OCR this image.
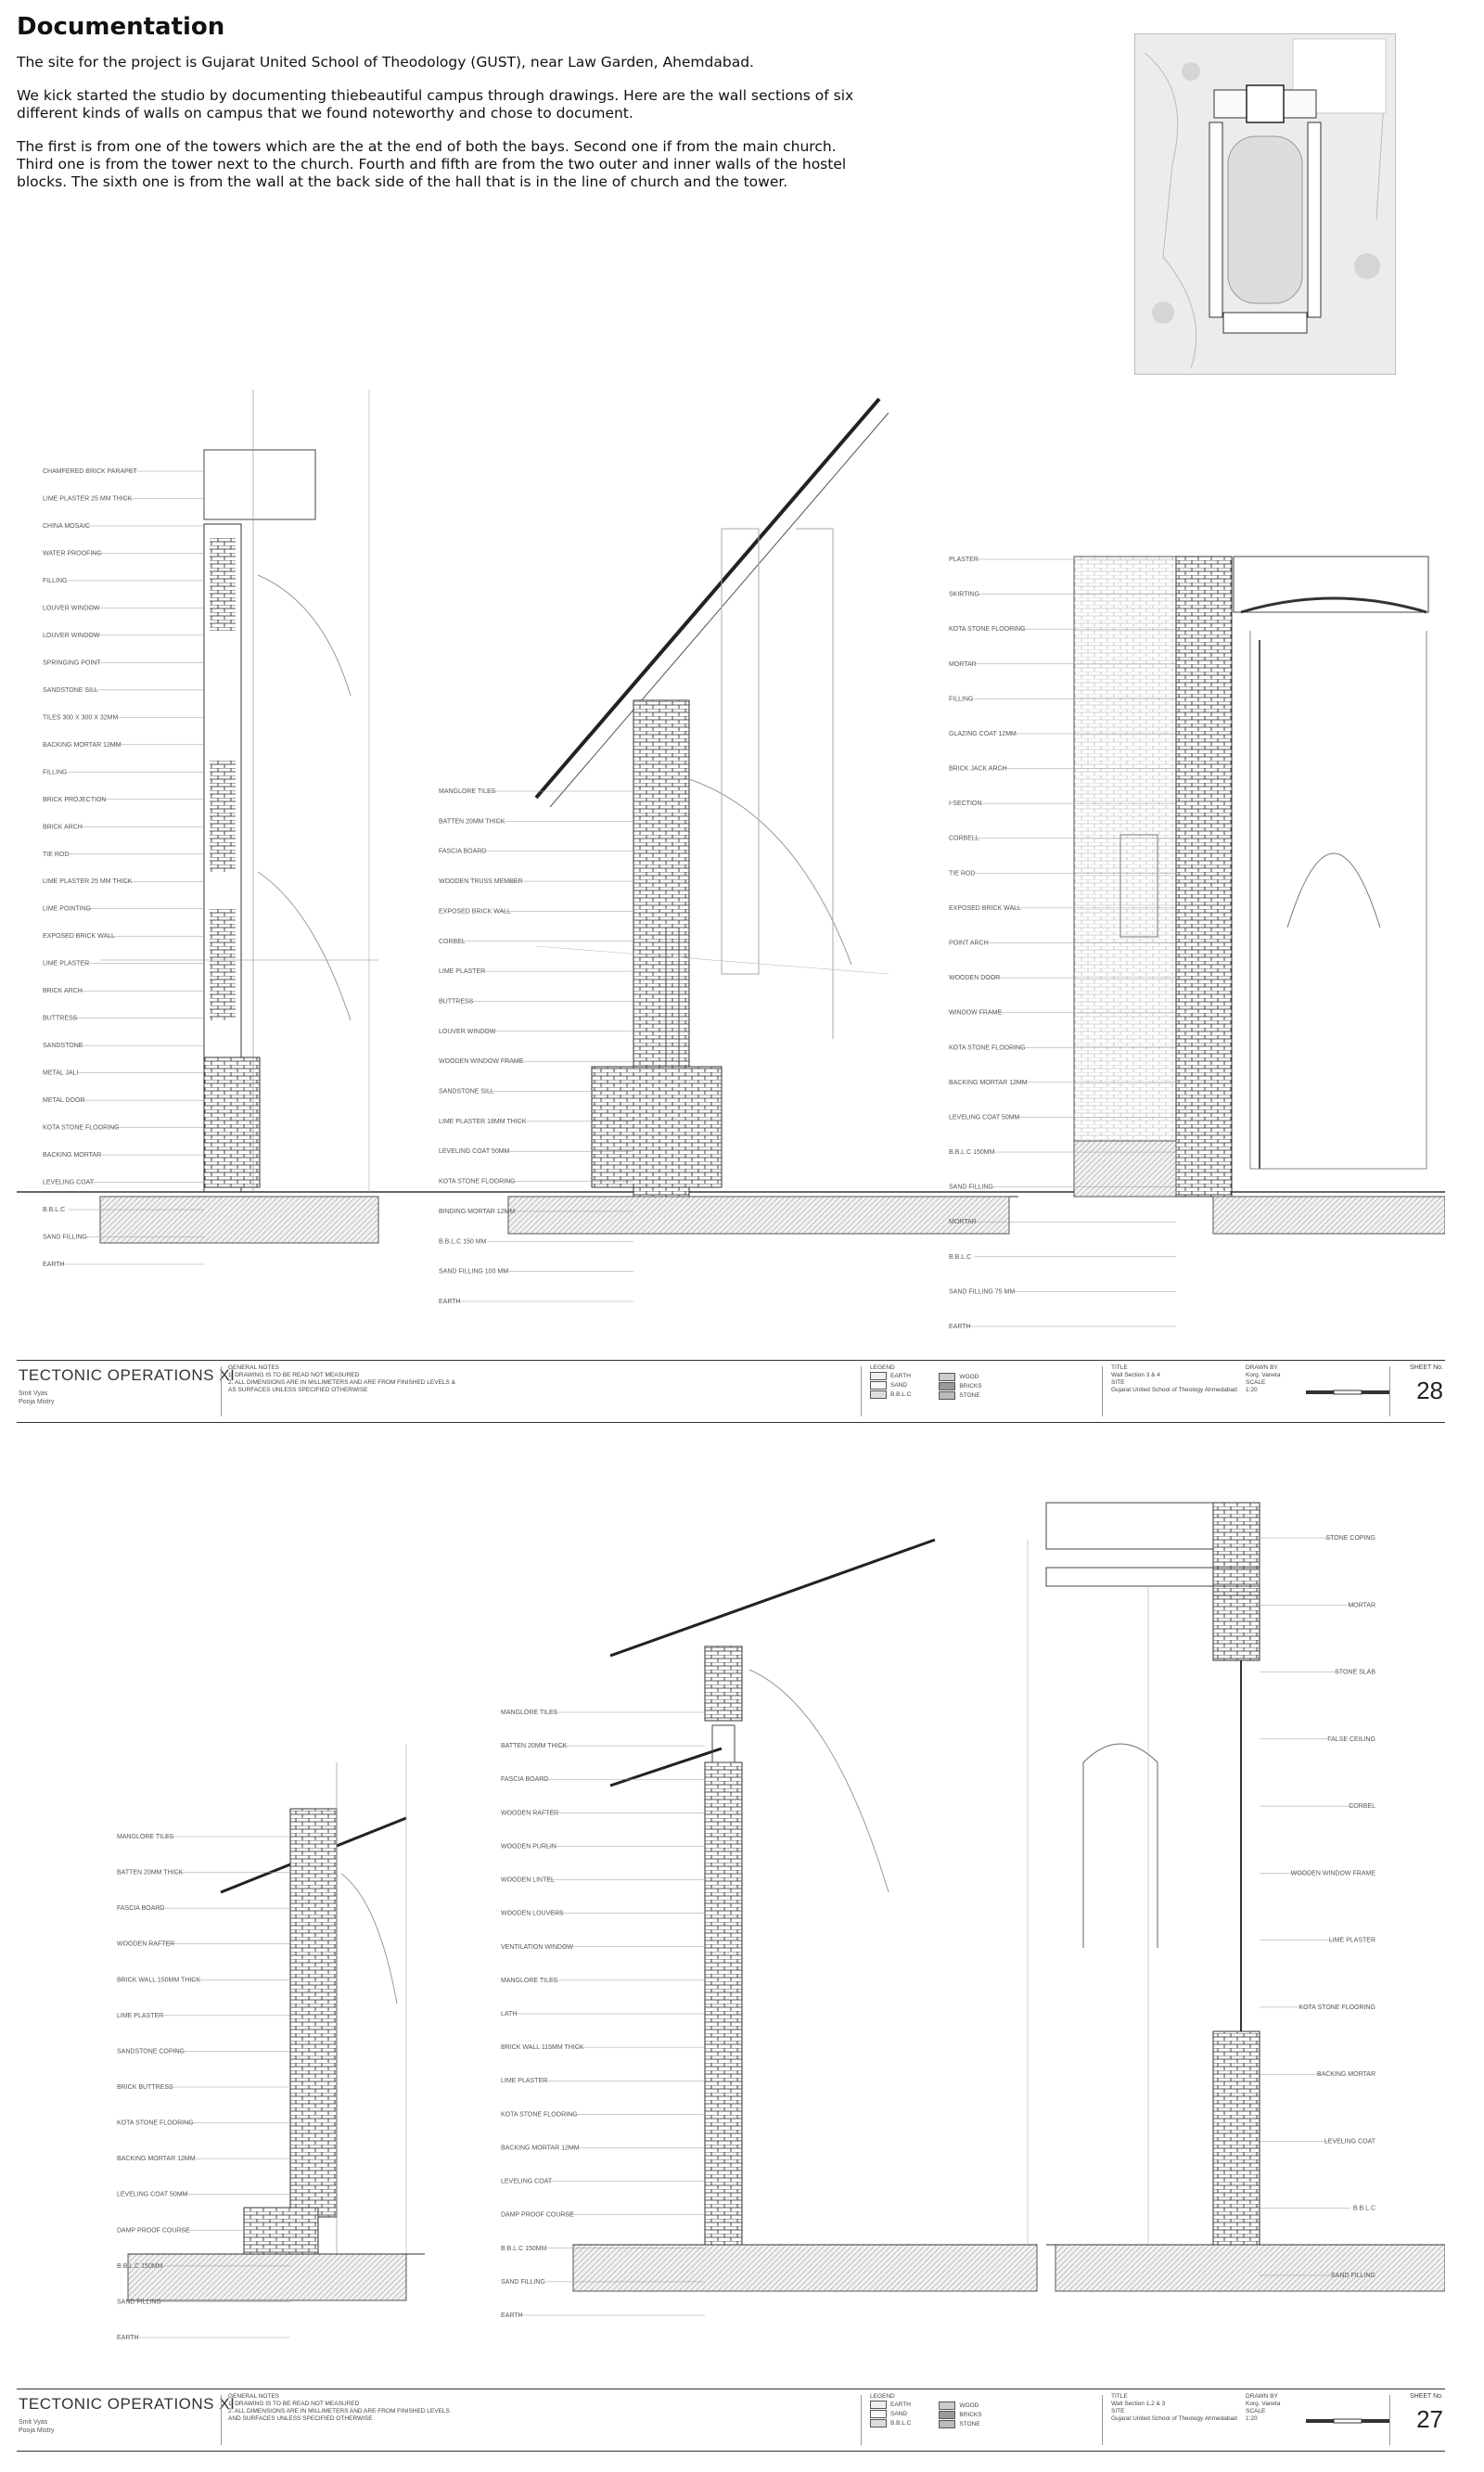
Documentation

The site for the project is Gujarat United School of Theodology (GUST), near Law Garden, Ahemdabad.

We kick started the studio by documenting thiebeautiful campus through drawings. Here are the wall sections of six different kinds of walls on campus that we found noteworthy and chose to document.

The first is from one of the towers which are the at the end of both the bays. Second one if from the main church. Third one is from the tower next to the church. Fourth and fifth are from the two outer and inner walls of the hostel blocks. The sixth one is from the wall at the back side of the hall that is in the line of church and the tower.

CHAMFERED BRICK PARAPET
LIME PLASTER 25 MM THICK
CHINA MOSAIC
WATER PROOFING
FILLING
LOUVER WINDOW
LOUVER WINDOW
SPRINGING POINT
SANDSTONE SILL
TILES 300 X 300 X 32MM
BACKING MORTAR 12MM
FILLING
BRICK PROJECTION
BRICK ARCH
TIE ROD
LIME PLASTER 25 MM THICK
LIME POINTING
EXPOSED BRICK WALL
LIME PLASTER
BRICK ARCH
BUTTRESS
SANDSTONE
METAL JALI
METAL DOOR
KOTA STONE FLOORING
BACKING MORTAR
LEVELING COAT
B.B.L.C
SAND FILLING
EARTH
MANGLORE TILES
BATTEN 20MM THICK
FASCIA BOARD
WOODEN TRUSS MEMBER
EXPOSED BRICK WALL
CORBEL
LIME PLASTER
BUTTRESS
LOUVER WINDOW
WOODEN WINDOW FRAME
SANDSTONE SILL
LIME PLASTER 18MM THICK
LEVELING COAT 50MM
KOTA STONE FLOORING
BINDING MORTAR 12MM
B.B.L.C 150 MM
SAND FILLING 100 MM
EARTH
PLASTER
SKIRTING
KOTA STONE FLOORING
MORTAR
FILLING
GLAZING COAT 12MM
BRICK JACK ARCH
I-SECTION
CORBELL
TIE ROD
EXPOSED BRICK WALL
POINT ARCH
WOODEN DOOR
WINDOW FRAME
KOTA STONE FLOORING
BACKING MORTAR 12MM
LEVELING COAT 50MM
B.B.L.C 150MM
SAND FILLING
MORTAR
B.B.L.C
SAND FILLING 75 MM
EARTH
TECTONIC OPERATIONS XI
Smit Vyas
Pooja Mistry
GENERAL NOTES
1. DRAWING IS TO BE READ NOT MEASURED
2. ALL DIMENSIONS ARE IN MILLIMETERS AND ARE FROM FINISHED LEVELS & AS SURFACES UNLESS SPECIFIED OTHERWISE
LEGEND
EARTH
SAND
B.B.L.C
WOOD
BRICKS
STONE
TITLE
Wall Section 3 & 4
SITE
Gujarat United School of Theology Ahmedabad
DRAWN BY
Korg. Vaneta
SCALE
1:20
SHEET No.
28
MANGLORE TILES
BATTEN 20MM THICK
FASCIA BOARD
WOODEN RAFTER
BRICK WALL 150MM THICK
LIME PLASTER
SANDSTONE COPING
BRICK BUTTRESS
KOTA STONE FLOORING
BACKING MORTAR 12MM
LEVELING COAT 50MM
DAMP PROOF COURSE
B.B.L.C 150MM
SAND FILLING
EARTH
MANGLORE TILES
BATTEN 20MM THICK
FASCIA BOARD
WOODEN RAFTER
WOODEN PURLIN
WOODEN LINTEL
WOODEN LOUVERS
VENTILATION WINDOW
MANGLORE TILES
LATH
BRICK WALL 115MM THICK
LIME PLASTER
KOTA STONE FLOORING
BACKING MORTAR 12MM
LEVELING COAT
DAMP PROOF COURSE
B.B.L.C 150MM
SAND FILLING
EARTH
STONE COPING
MORTAR
STONE SLAB
FALSE CEILING
CORBEL
WOODEN WINDOW FRAME
LIME PLASTER
KOTA STONE FLOORING
BACKING MORTAR
LEVELING COAT
B.B.L.C
SAND FILLING
TECTONIC OPERATIONS XI
Smit Vyas
Pooja Mistry
GENERAL NOTES
1. DRAWING IS TO BE READ NOT MEASURED
2. ALL DIMENSIONS ARE IN MILLIMETERS AND ARE FROM FINISHED LEVELS AND SURFACES UNLESS SPECIFIED OTHERWISE
LEGEND
EARTH
SAND
B.B.L.C
WOOD
BRICKS
STONE
TITLE
Wall Section 1,2 & 3
SITE
Gujarat United School of Theology Ahmedabad
DRAWN BY
Korg. Vaneta
SCALE
1:20
SHEET No.
27
